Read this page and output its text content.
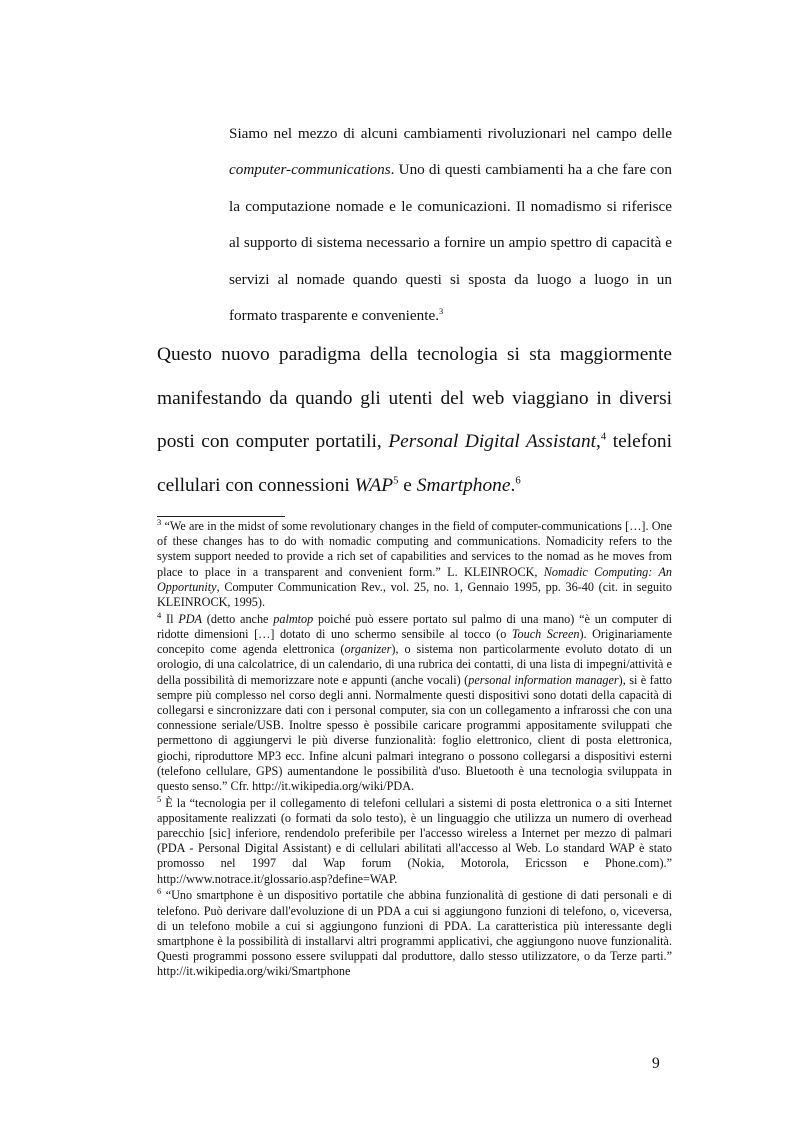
Siamo nel mezzo di alcuni cambiamenti rivoluzionari nel campo delle computer-communications. Uno di questi cambiamenti ha a che fare con la computazione nomade e le comunicazioni. Il nomadismo si riferisce al supporto di sistema necessario a fornire un ampio spettro di capacità e servizi al nomade quando questi si sposta da luogo a luogo in un formato trasparente e conveniente.$^3$

Questo nuovo paradigma della tecnologia si sta maggiormente manifestando da quando gli utenti del web viaggiano in diversi posti con computer portatili, Personal Digital Assistant,$^4$ telefoni cellulari con connessioni WAP$^5$ e Smartphone.$^6$

$^3$ “We are in the midst of some revolutionary changes in the field of computer-communications […]. One of these changes has to do with nomadic computing and communications. Nomadicity refers to the system support needed to provide a rich set of capabilities and services to the nomad as he moves from place to place in a transparent and convenient form.” L. KLEINROCK, Nomadic Computing: An Opportunity, Computer Communication Rev., vol. 25, no. 1, Gennaio 1995, pp. 36-40 (cit. in seguito KLEINROCK, 1995).

$^4$ Il PDA (detto anche palmtop poiché può essere portato sul palmo di una mano) “è un computer di ridotte dimensioni […] dotato di uno schermo sensibile al tocco (o Touch Screen). Originariamente concepito come agenda elettronica (organizer), o sistema non particolarmente evoluto dotato di un orologio, di una calcolatrice, di un calendario, di una rubrica dei contatti, di una lista di impegni/attività e della possibilità di memorizzare note e appunti (anche vocali) (personal information manager), si è fatto sempre più complesso nel corso degli anni. Normalmente questi dispositivi sono dotati della capacità di collegarsi e sincronizzare dati con i personal computer, sia con un collegamento a infrarossi che con una connessione seriale/USB. Inoltre spesso è possibile caricare programmi appositamente sviluppati che permettono di aggiungervi le più diverse funzionalità: foglio elettronico, client di posta elettronica, giochi, riproduttore MP3 ecc. Infine alcuni palmari integrano o possono collegarsi a dispositivi esterni (telefono cellulare, GPS) aumentandone le possibilità d'uso. Bluetooth è una tecnologia sviluppata in questo senso.” Cfr. http://it.wikipedia.org/wiki/PDA.

$^5$ È la “tecnologia per il collegamento di telefoni cellulari a sistemi di posta elettronica o a siti Internet appositamente realizzati (o formati da solo testo), è un linguaggio che utilizza un numero di overhead parecchio [sic] inferiore, rendendolo preferibile per l'accesso wireless a Internet per mezzo di palmari (PDA - Personal Digital Assistant) e di cellulari abilitati all'accesso al Web. Lo standard WAP è stato promosso nel 1997 dal Wap forum (Nokia, Motorola, Ericsson e Phone.com).” http://www.notrace.it/glossario.asp?define=WAP.

$^6$ “Uno smartphone è un dispositivo portatile che abbina funzionalità di gestione di dati personali e di telefono. Può derivare dall'evoluzione di un PDA a cui si aggiungono funzioni di telefono, o, viceversa, di un telefono mobile a cui si aggiungono funzioni di PDA. La caratteristica più interessante degli smartphone è la possibilità di installarvi altri programmi applicativi, che aggiungono nuove funzionalità. Questi programmi possono essere sviluppati dal produttore, dallo stesso utilizzatore, o da Terze parti.” http://it.wikipedia.org/wiki/Smartphone

9
